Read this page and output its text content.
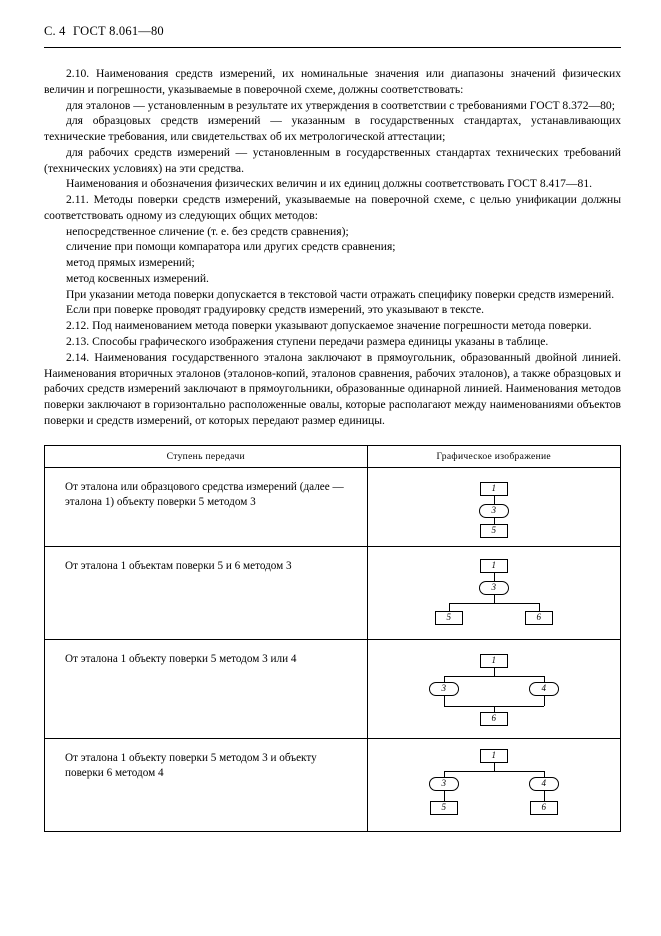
С. 4 ГОСТ 8.061—80

2.10. Наименования средств измерений, их номинальные значения или диапазоны значений физических величин и погрешности, указываемые в поверочной схеме, должны соответствовать:

для эталонов — установленным в результате их утверждения в соответствии с требованиями ГОСТ 8.372—80;

для образцовых средств измерений — указанным в государственных стандартах, устанавливающих технические требования, или свидетельствах об их метрологической аттестации;

для рабочих средств измерений — установленным в государственных стандартах технических требований (технических условиях) на эти средства.

Наименования и обозначения физических величин и их единиц должны соответствовать ГОСТ 8.417—81.

2.11. Методы поверки средств измерений, указываемые на поверочной схеме, с целью унификации должны соответствовать одному из следующих общих методов:

непосредственное сличение (т. е. без средств сравнения);

сличение при помощи компаратора или других средств сравнения;

метод прямых измерений;

метод косвенных измерений.

При указании метода поверки допускается в текстовой части отражать специфику поверки средств измерений.

Если при поверке проводят градуировку средств измерений, это указывают в тексте.

2.12. Под наименованием метода поверки указывают допускаемое значение погрешности метода поверки.

2.13. Способы графического изображения ступени передачи размера единицы указаны в таблице.

2.14. Наименования государственного эталона заключают в прямоугольник, образованный двойной линией. Наименования вторичных эталонов (эталонов-копий, эталонов сравнения, рабочих эталонов), а также образцовых и рабочих средств измерений заключают в прямоугольники, образованные одинарной линией. Наименования методов поверки заключают в горизонтально расположенные овалы, которые располагают между наименованиями объектов поверки и средств измерений, от которых передают размер единицы.

Ступень передачи	Графическое изображение

От эталона или образцового средства измерений (далее — эталона 1) объекту поверки 5 методом 3	1
3
5

От эталона 1 объектам поверки 5 и 6 методом 3	1
3
5 6

От эталона 1 объекту поверки 5 методом 3 или 4	1
3 4
6

От эталона 1 объекту поверки 5 методом 3 и объекту поверки 6 методом 4	1
3 4
5 6
